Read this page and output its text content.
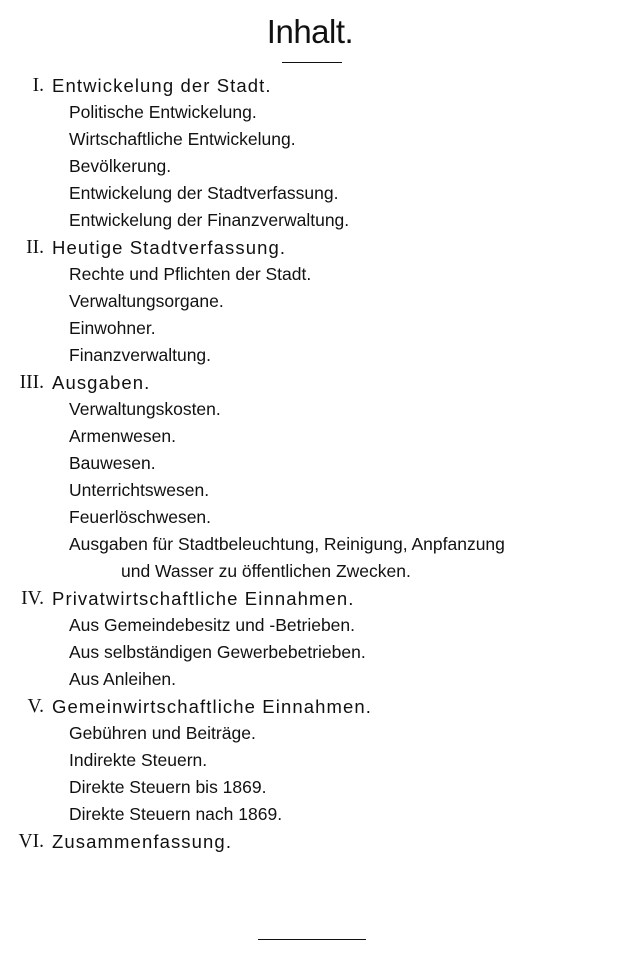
Inhalt.
I. Entwickelung der Stadt.
Politische Entwickelung.
Wirtschaftliche Entwickelung.
Bevölkerung.
Entwickelung der Stadtverfassung.
Entwickelung der Finanzverwaltung.
II. Heutige Stadtverfassung.
Rechte und Pflichten der Stadt.
Verwaltungsorgane.
Einwohner.
Finanzverwaltung.
III. Ausgaben.
Verwaltungskosten.
Armenwesen.
Bauwesen.
Unterrichtswesen.
Feuerlöschwesen.
Ausgaben für Stadtbeleuchtung, Reinigung, Anpfanzung
und Wasser zu öffentlichen Zwecken.
IV. Privatwirtschaftliche Einnahmen.
Aus Gemeindebesitz und -Betrieben.
Aus selbständigen Gewerbebetrieben.
Aus Anleihen.
V. Gemeinwirtschaftliche Einnahmen.
Gebühren und Beiträge.
Indirekte Steuern.
Direkte Steuern bis 1869.
Direkte Steuern nach 1869.
VI. Zusammenfassung.
